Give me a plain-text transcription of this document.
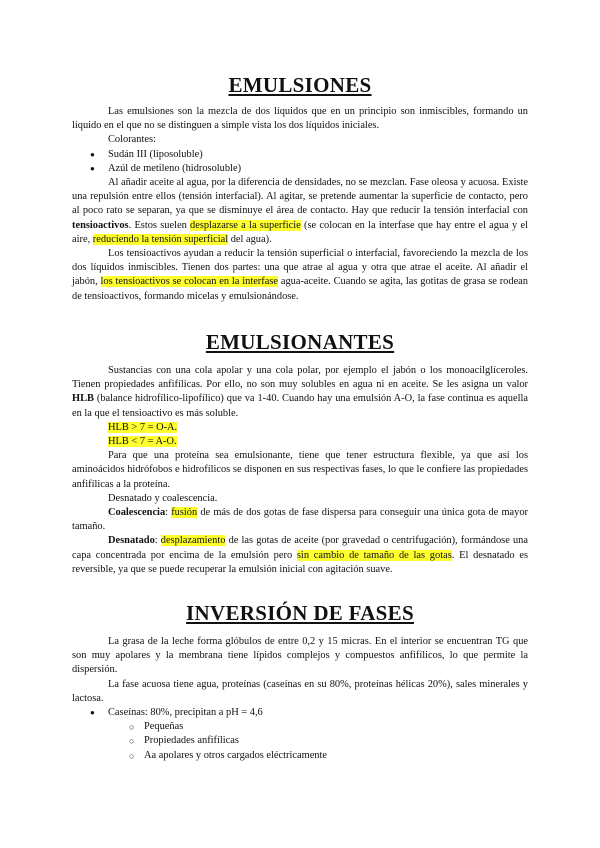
EMULSIONES

Las emulsiones son la mezcla de dos líquidos que en un principio son inmiscibles, formando un líquido en el que no se distinguen a simple vista los dos líquidos iniciales.

Colorantes:

● Sudán III (liposoluble)
● Azúl de metileno (hidrosoluble)

Al añadir aceite al agua, por la diferencia de densidades, no se mezclan. Fase oleosa y acuosa. Existe una repulsión entre ellos (tensión interfacial). Al agitar, se pretende aumentar la superficie de contacto, pero al poco rato se separan, ya que se disminuye el área de contacto. Hay que reducir la tensión interfacial con tensioactivos. Estos suelen desplazarse a la superficie (se colocan en la interfase que hay entre el agua y el aire, reduciendo la tensión superficial del agua).

Los tensioactivos ayudan a reducir la tensión superficial o interfacial, favoreciendo la mezcla de los dos líquidos inmiscibles. Tienen dos partes: una que atrae al agua y otra que atrae el aceite. Al añadir el jabón, los tensioactivos se colocan en la interfase agua-aceite. Cuando se agita, las gotitas de grasa se rodean de tensioactivos, formando micelas y emulsionándose.

EMULSIONANTES

Sustancias con una cola apolar y una cola polar, por ejemplo el jabón o los monoacilglíceroles. Tienen propiedades anfifílicas. Por ello, no son muy solubles en agua ni en aceite. Se les asigna un valor HLB (balance hidrofílico-lipofílico) que va 1-40. Cuando hay una emulsión A-O, la fase continua es aquella en la que el tensioactivo es más soluble.

HLB > 7 = O-A.

HLB < 7 = A-O.

Para que una proteína sea emulsionante, tiene que tener estructura flexible, ya que así los aminoácidos hidrófobos e hidrofílicos se disponen en sus respectivas fases, lo que le confiere las propiedades anfifílicas a la proteína.

Desnatado y coalescencia.

Coalescencia: fusión de más de dos gotas de fase dispersa para conseguir una única gota de mayor tamaño.

Desnatado: desplazamiento de las gotas de aceite (por gravedad o centrifugación), formándose una capa concentrada por encima de la emulsión pero sin cambio de tamaño de las gotas. El desnatado es reversible, ya que se puede recuperar la emulsión inicial con agitación suave.

INVERSIÓN DE FASES

La grasa de la leche forma glóbulos de entre 0,2 y 15 micras. En el interior se encuentran TG que son muy apolares y la membrana tiene lípidos complejos y compuestos anfifílicos, lo que permite la dispersión.

La fase acuosa tiene agua, proteínas (caseínas en su 80%, proteínas hélicas 20%), sales minerales y lactosa.

● Caseínas: 80%, precipitan a pH = 4,6
○ Pequeñas
○ Propiedades anfifílicas
○ Aa apolares y otros cargados eléctricamente
